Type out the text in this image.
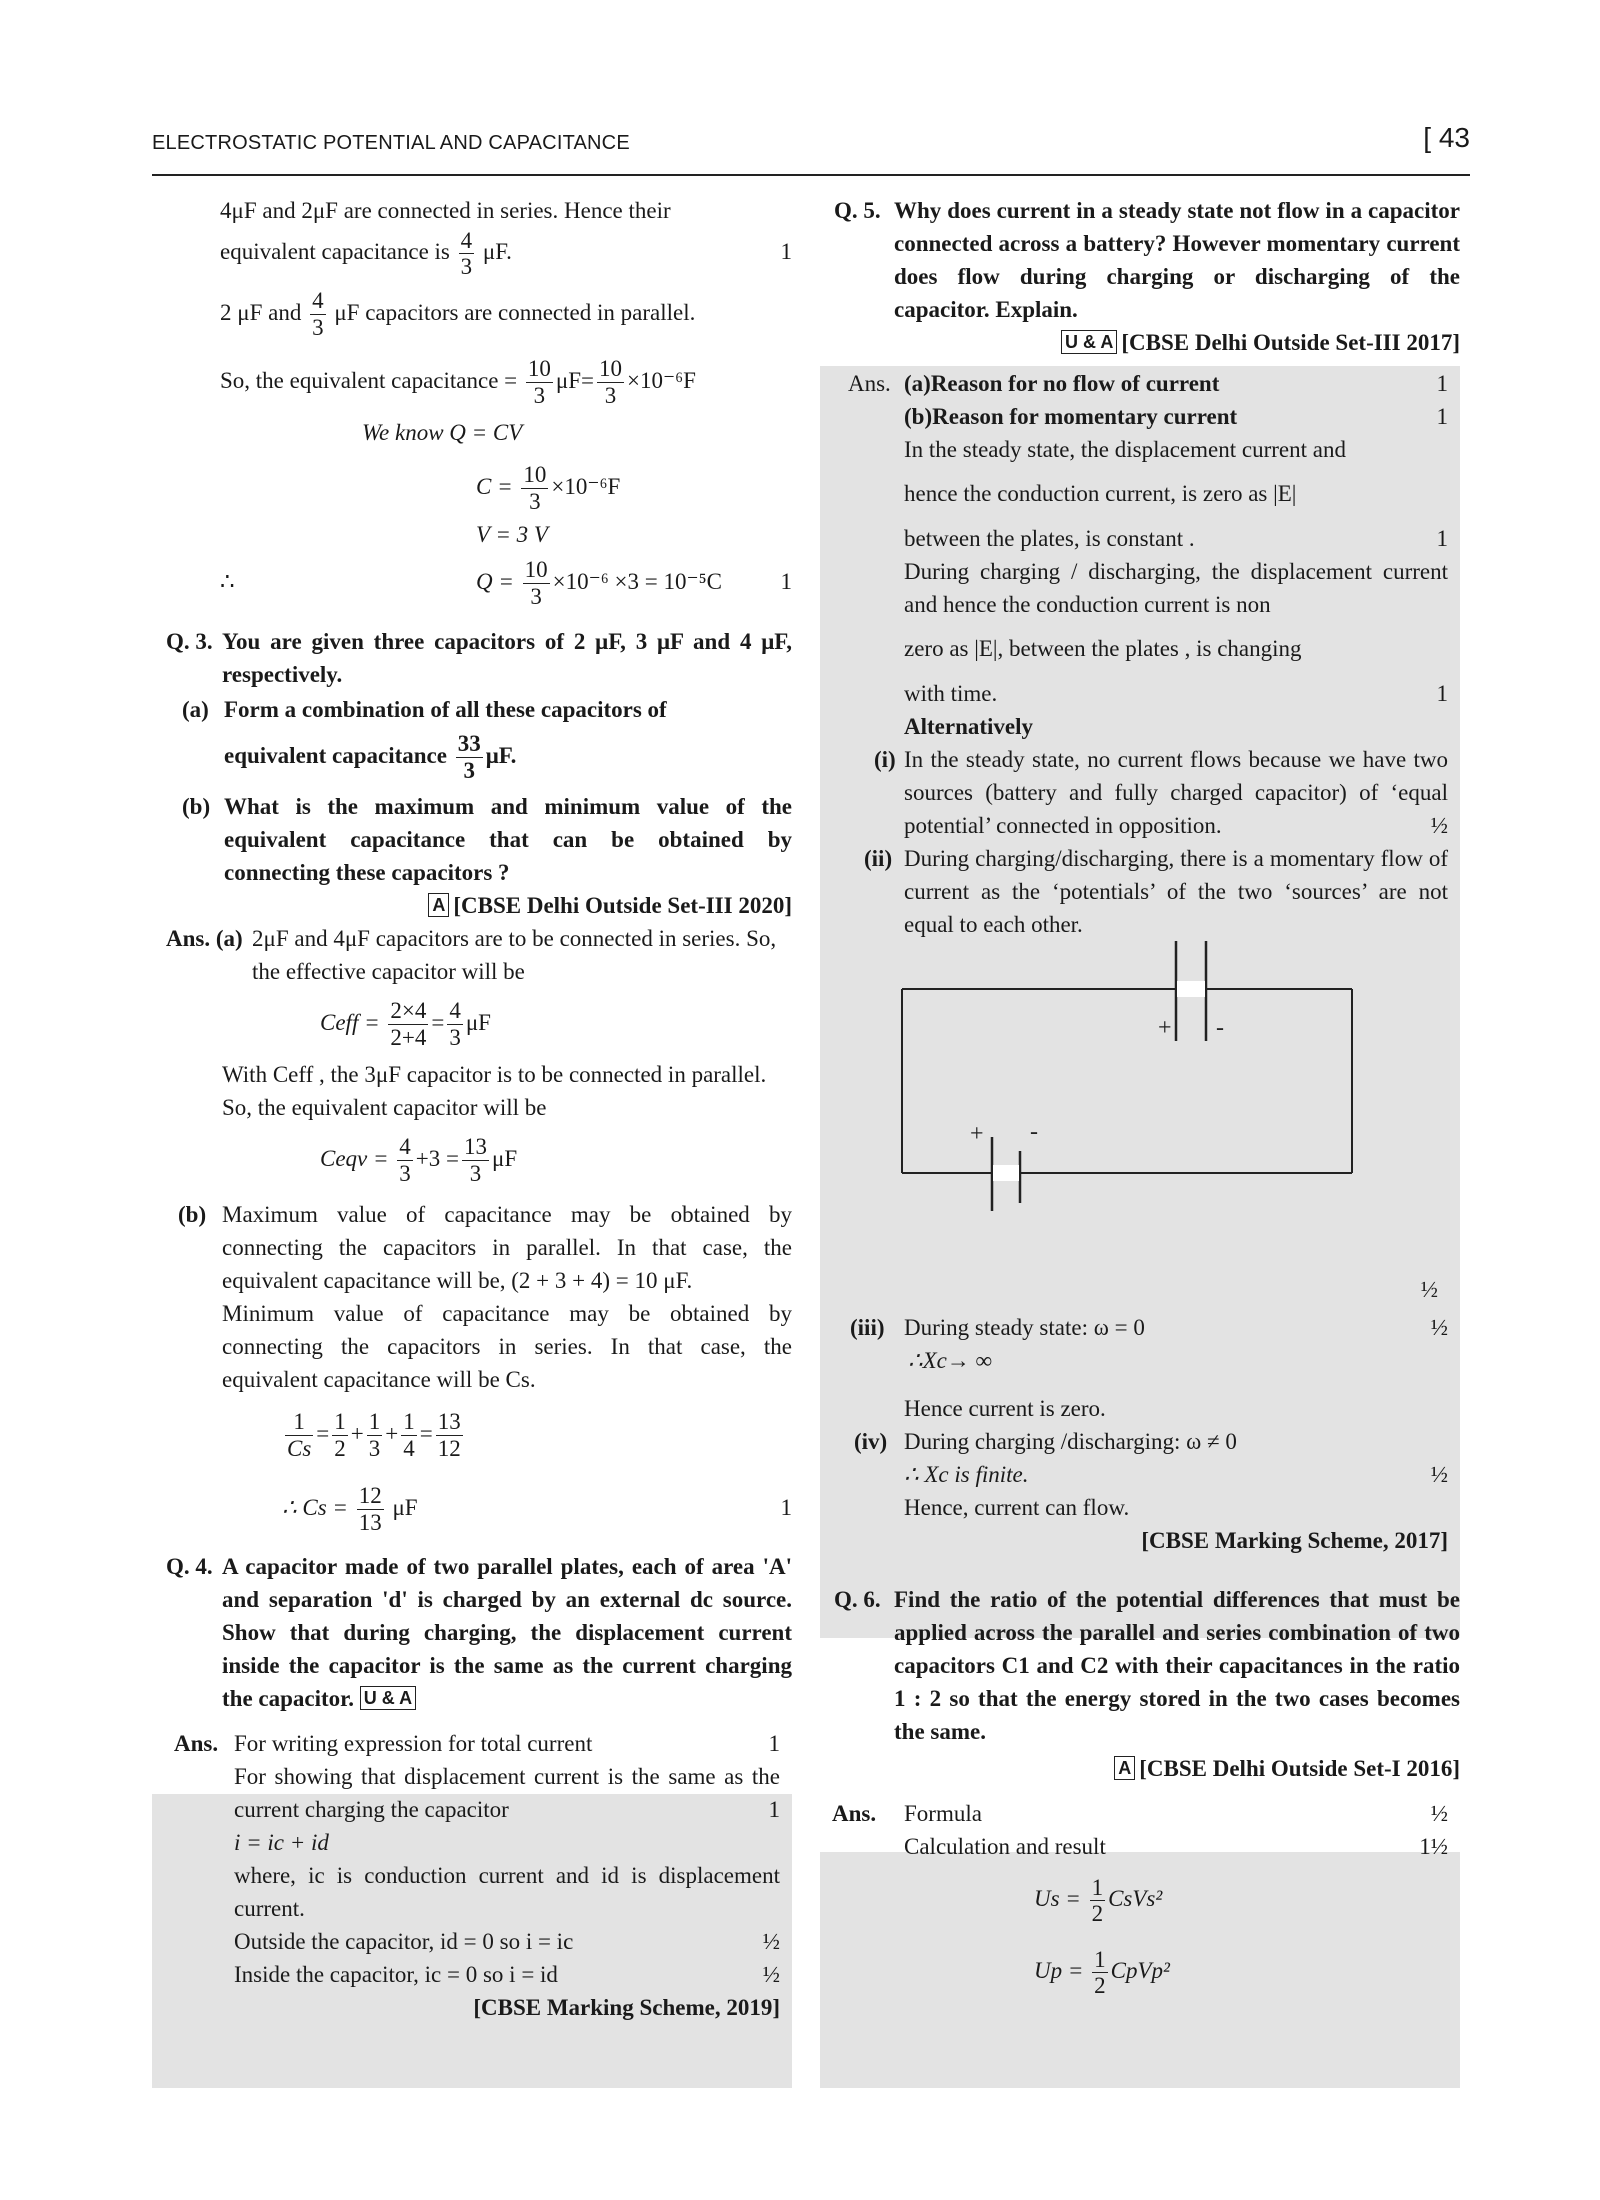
ELECTROSTATIC POTENTIAL AND CAPACITANCE	[ 43

4μF and 2μF are connected in series. Hence their

equivalent capacitance is $\frac{4}{3} \mu F$.	1

2 μF and $\frac{4}{3}$ μF capacitors are connected in parallel.

So, the equivalent capacitance = $\frac{10}{3} \mu F= \frac{10}{3} \times 10^{-6}F$

We know Q = CV

$C = \frac{10}{3} \times 10^{-6}F$

V = 3 V

∴	$Q = \frac{10}{3} \times 10^{-6} \times 3 = 10^{-5}C$	1

Q. 3. You are given three capacitors of 2 μF, 3 μF and 4 μF, respectively.
(a) Form a combination of all these capacitors of
equivalent capacitance $\frac{33}{3} \mu F$.
(b) What is the maximum and minimum value of the equivalent capacitance that can be obtained by connecting these capacitors ?
A [CBSE Delhi Outside Set-III 2020]
Ans. (a) 2μF and 4μF capacitors are to be connected in series. So, the effective capacitor will be
Ceff = $\frac{2\times 4}{2+4} = \frac{4}{3}$ μF
With Ceff , the 3μF capacitor is to be connected in parallel. So, the equivalent capacitor will be
Ceqv = $\frac{4}{3} +3 = \frac{13}{3}$ μF
(b) Maximum value of capacitance may be obtained by connecting the capacitors in parallel. In that case, the equivalent capacitance will be, (2 + 3 + 4) = 10 μF.
Minimum value of capacitance may be obtained by connecting the capacitors in series. In that case, the equivalent capacitance will be Cs.
$\frac{1}{Cs} = \frac{1}{2} + \frac{1}{3} + \frac{1}{4} = \frac{13}{12}$
∴ $Cs = \frac{12}{13}$ μF	1
Q. 4. A capacitor made of two parallel plates, each of area 'A' and separation 'd' is charged by an external dc source. Show that during charging, the displacement current inside the capacitor is the same as the current charging the capacitor. U & A
Ans. For writing expression for total current	1
For showing that displacement current is the same as the current charging the capacitor	1
i = ic + id
where, ic is conduction current and id is displacement current.
Outside the capacitor, id = 0 so i = ic	½
Inside the capacitor, ic = 0 so i = id	½
[CBSE Marking Scheme, 2019]
Q. 5. Why does current in a steady state not flow in a capacitor connected across a battery? However momentary current does flow during charging or discharging of the capacitor. Explain.
U & A [CBSE Delhi Outside Set-III 2017]
Ans. (a)Reason for no flow of current	1
(b)Reason for momentary current	1
In the steady state, the displacement current and
hence the conduction current, is zero as |E|
between the plates, is constant .	1
During charging / discharging, the displacement current and hence the conduction current is non
zero as |E|, between the plates , is changing
with time.	1
Alternatively
(i) In the steady state, no current flows because we have two sources (battery and fully charged capacitor) of ‘equal potential’ connected in opposition.	½
(ii) During charging/discharging, there is a momentary flow of current as the ‘potentials’ of the two ‘sources’ are not equal to each other.
+ -
+ -
½
(iii) During steady state: ω = 0	½
∴Xc→ ∞
Hence current is zero.
(iv) During charging /discharging: ω ≠ 0
∴ Xc is finite.	½
Hence, current can flow.
[CBSE Marking Scheme, 2017]
Q. 6. Find the ratio of the potential differences that must be applied across the parallel and series combination of two capacitors C1 and C2 with their capacitances in the ratio 1 : 2 so that the energy stored in the two cases becomes the same.
A [CBSE Delhi Outside Set-I 2016]
Ans. Formula	½
Calculation and result	1½
$Us = \frac{1}{2}$ CsVs²
$Up = \frac{1}{2}$ CpVp²
